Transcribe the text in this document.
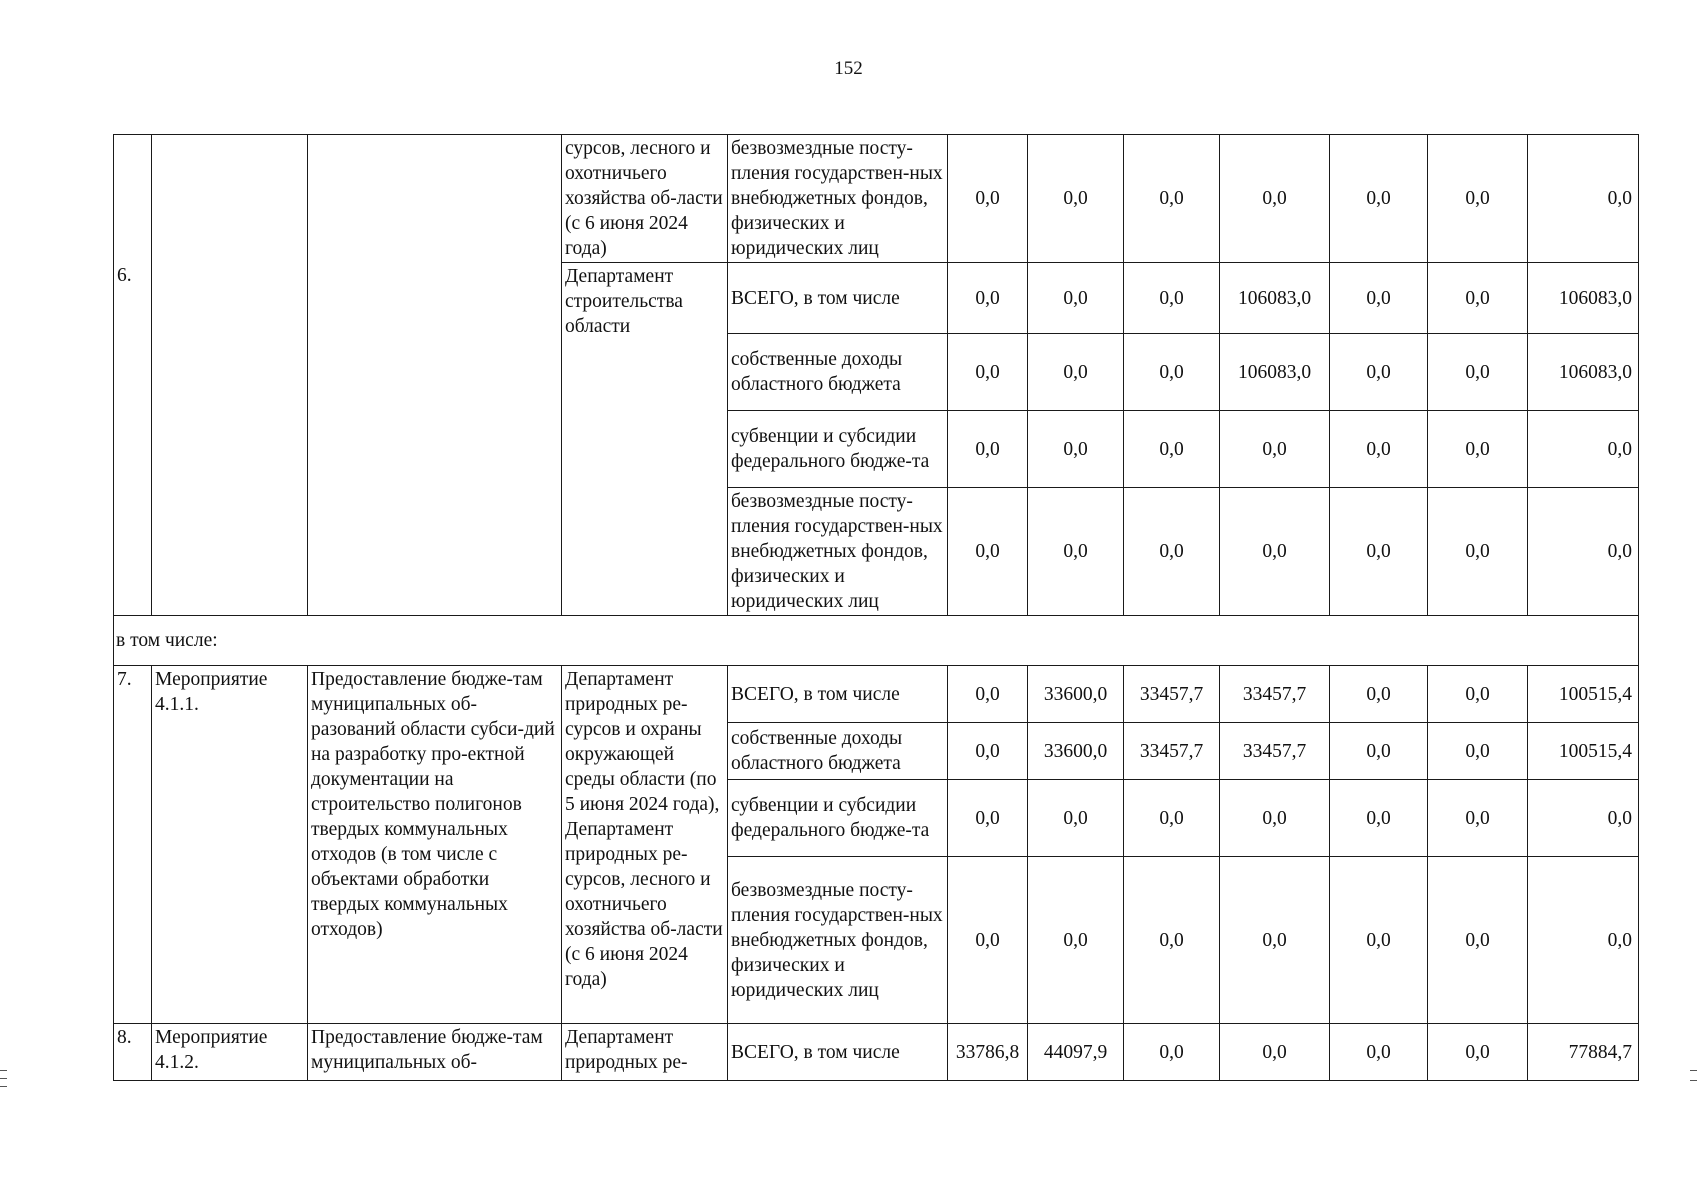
152
6.			сурсов, лесного и охотничьего хозяйства об-ласти (с 6 июня 2024 года)	безвозмездные посту-пления государствен-ных внебюджетных фондов, физических и юридических лиц	0,0	0,0	0,0	0,0	0,0	0,0	0,0
			Департамент строительства области	ВСЕГО, в том числе	0,0	0,0	0,0	106083,0	0,0	0,0	106083,0
				собственные доходы областного бюджета	0,0	0,0	0,0	106083,0	0,0	0,0	106083,0
				субвенции и субсидии федерального бюдже-та	0,0	0,0	0,0	0,0	0,0	0,0	0,0
				безвозмездные посту-пления государствен-ных внебюджетных фондов, физических и юридических лиц	0,0	0,0	0,0	0,0	0,0	0,0	0,0
в том числе:											
7.	Мероприятие 4.1.1.	Предоставление бюдже-там муниципальных об-разований области субси-дий на разработку про-ектной документации на строительство полигонов твердых коммунальных отходов (в том числе с объектами обработки твердых коммунальных отходов)	Департамент природных ре-сурсов и охраны окружающей среды области (по 5 июня 2024 года), Департамент природных ре-сурсов, лесного и охотничьего хозяйства об-ласти (с 6 июня 2024 года)	ВСЕГО, в том числе	0,0	33600,0	33457,7	33457,7	0,0	0,0	100515,4
				собственные доходы областного бюджета	0,0	33600,0	33457,7	33457,7	0,0	0,0	100515,4
				субвенции и субсидии федерального бюдже-та	0,0	0,0	0,0	0,0	0,0	0,0	0,0
				безвозмездные посту-пления государствен-ных внебюджетных фондов, физических и юридических лиц	0,0	0,0	0,0	0,0	0,0	0,0	0,0
8.	Мероприятие 4.1.2.	Предоставление бюдже-там муниципальных об-	Департамент природных ре-	ВСЕГО, в том числе	33786,8	44097,9	0,0	0,0	0,0	0,0	77884,7
